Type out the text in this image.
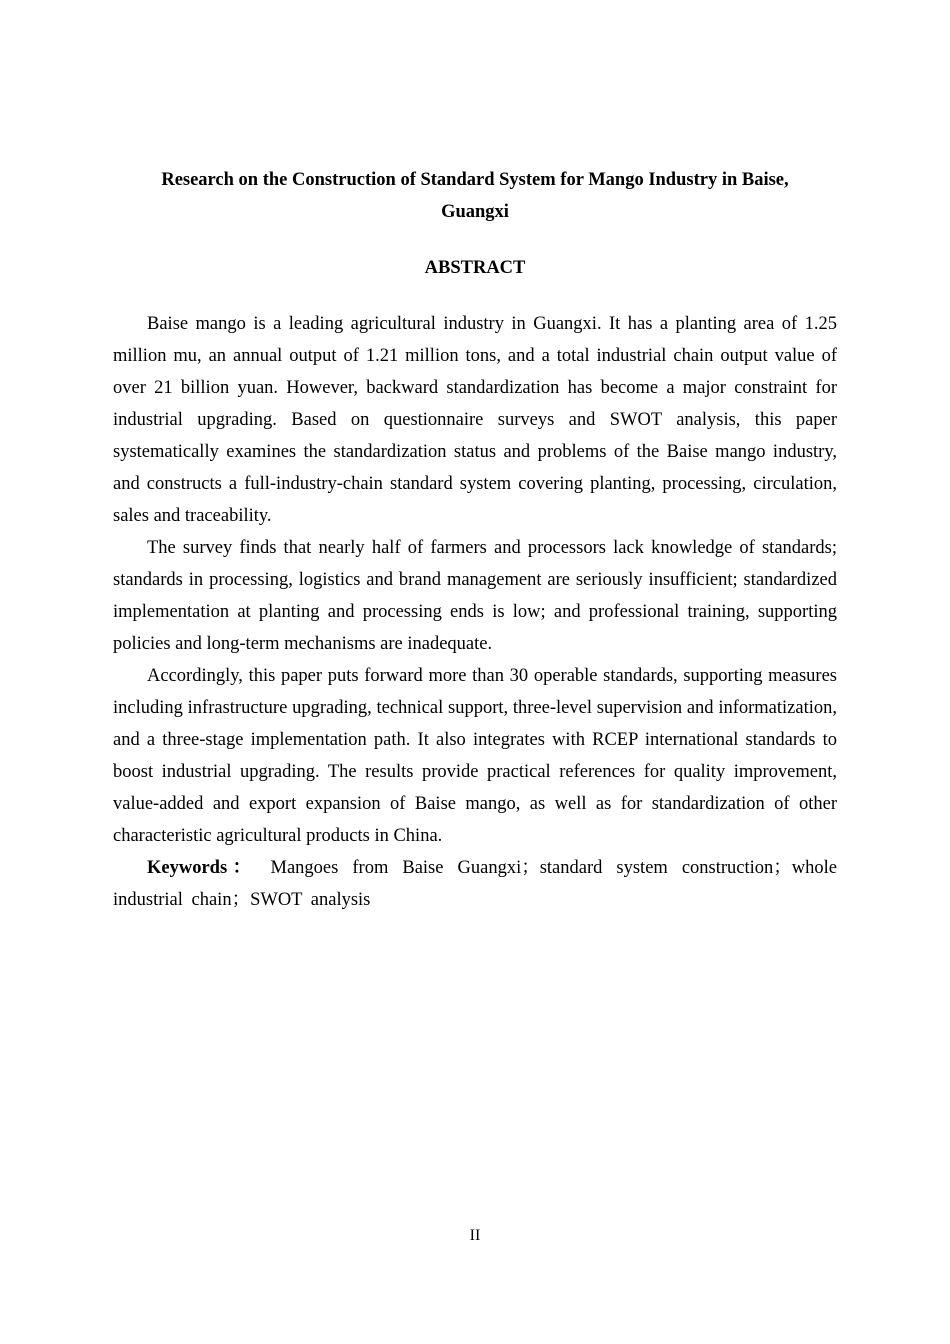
Research on the Construction of Standard System for Mango Industry in Baise,
Guangxi
ABSTRACT

Baise mango is a leading agricultural industry in Guangxi. It has a planting area of 1.25 million mu, an annual output of 1.21 million tons, and a total industrial chain output value of over 21 billion yuan. However, backward standardization has become a major constraint for industrial upgrading. Based on questionnaire surveys and SWOT analysis, this paper systematically examines the standardization status and problems of the Baise mango industry, and constructs a full-industry-chain standard system covering planting, processing, circulation, sales and traceability.

The survey finds that nearly half of farmers and processors lack knowledge of standards; standards in processing, logistics and brand management are seriously insufficient; standardized implementation at planting and processing ends is low; and professional training, supporting policies and long-term mechanisms are inadequate.

Accordingly, this paper puts forward more than 30 operable standards, supporting measures including infrastructure upgrading, technical support, three-level supervision and informatization, and a three-stage implementation path. It also integrates with RCEP international standards to boost industrial upgrading. The results provide practical references for quality improvement, value-added and export expansion of Baise mango, as well as for standardization of other characteristic agricultural products in China.

Keywords： Mangoes from Baise Guangxi；standard system construction；whole industrial chain；SWOT analysis

II
